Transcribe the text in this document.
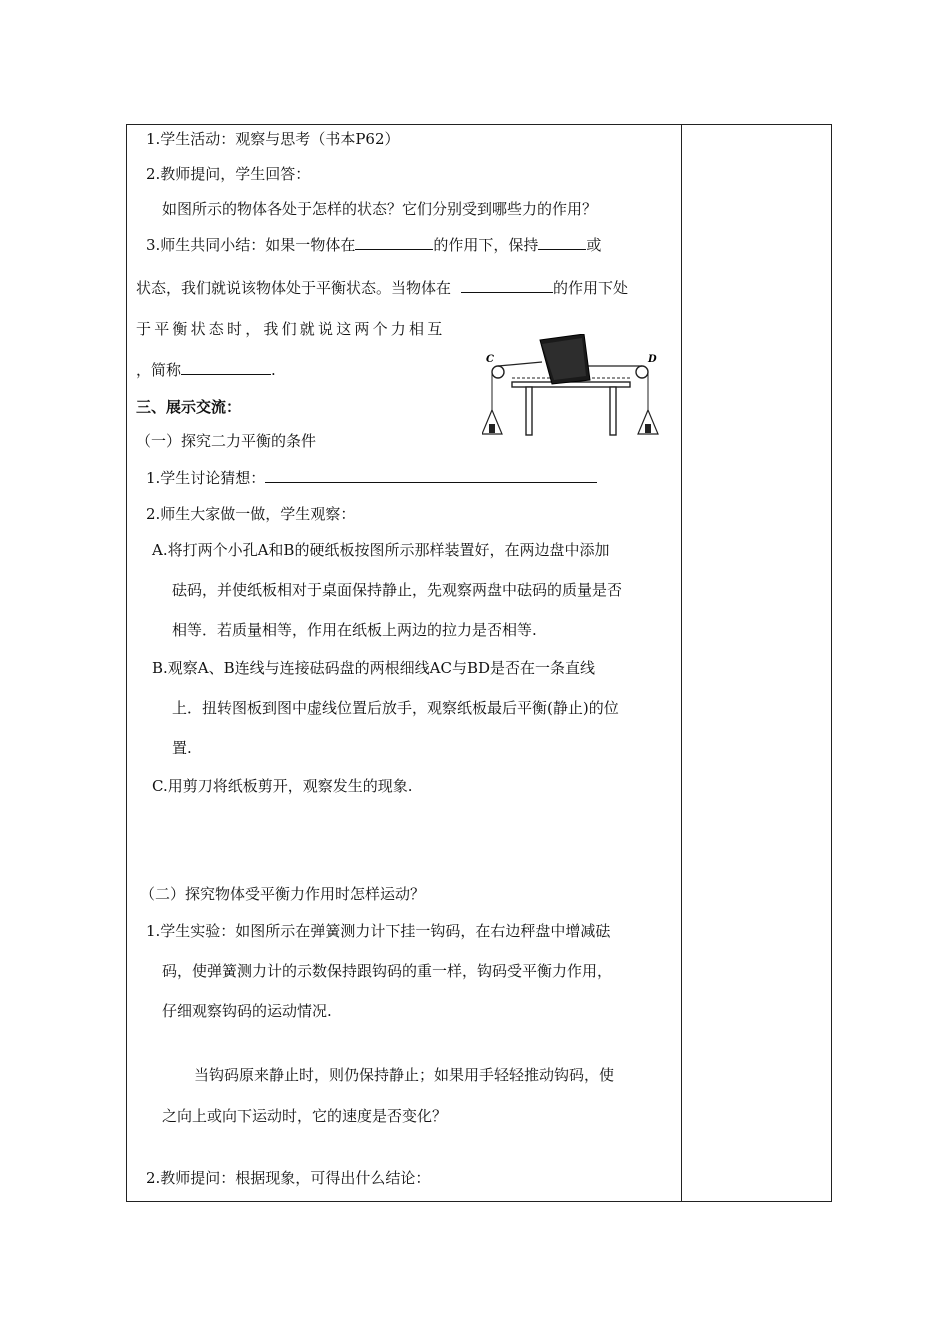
1.学生活动：观察与思考（书本P62）
2.教师提问，学生回答：
如图所示的物体各处于怎样的状态？它们分别受到哪些力的作用？
3.师生共同小结：如果一物体在	的作用下，保持	或
状态，我们就说该物体处于平衡状态。当物体在	的作用下处
于平衡状态时，我们就说这两个力相互
，简称	.
C	D
三、展示交流：
（一）探究二力平衡的条件
1.学生讨论猜想：
2.师生大家做一做，学生观察：
A.将打两个小孔A和B的硬纸板按图所示那样装置好，在两边盘中添加
砝码，并使纸板相对于桌面保持静止，先观察两盘中砝码的质量是否
相等．若质量相等，作用在纸板上两边的拉力是否相等.
B.观察A、B连线与连接砝码盘的两根细线AC与BD是否在一条直线
上．扭转图板到图中虚线位置后放手，观察纸板最后平衡(静止)的位
置.
C.用剪刀将纸板剪开，观察发生的现象.
（二）探究物体受平衡力作用时怎样运动？
1.学生实验：如图所示在弹簧测力计下挂一钩码，在右边秤盘中增减砝
码，使弹簧测力计的示数保持跟钩码的重一样，钩码受平衡力作用，
仔细观察钩码的运动情况.
当钩码原来静止时，则仍保持静止；如果用手轻轻推动钩码，使
之向上或向下运动时，它的速度是否变化？
2.教师提问：根据现象，可得出什么结论：
